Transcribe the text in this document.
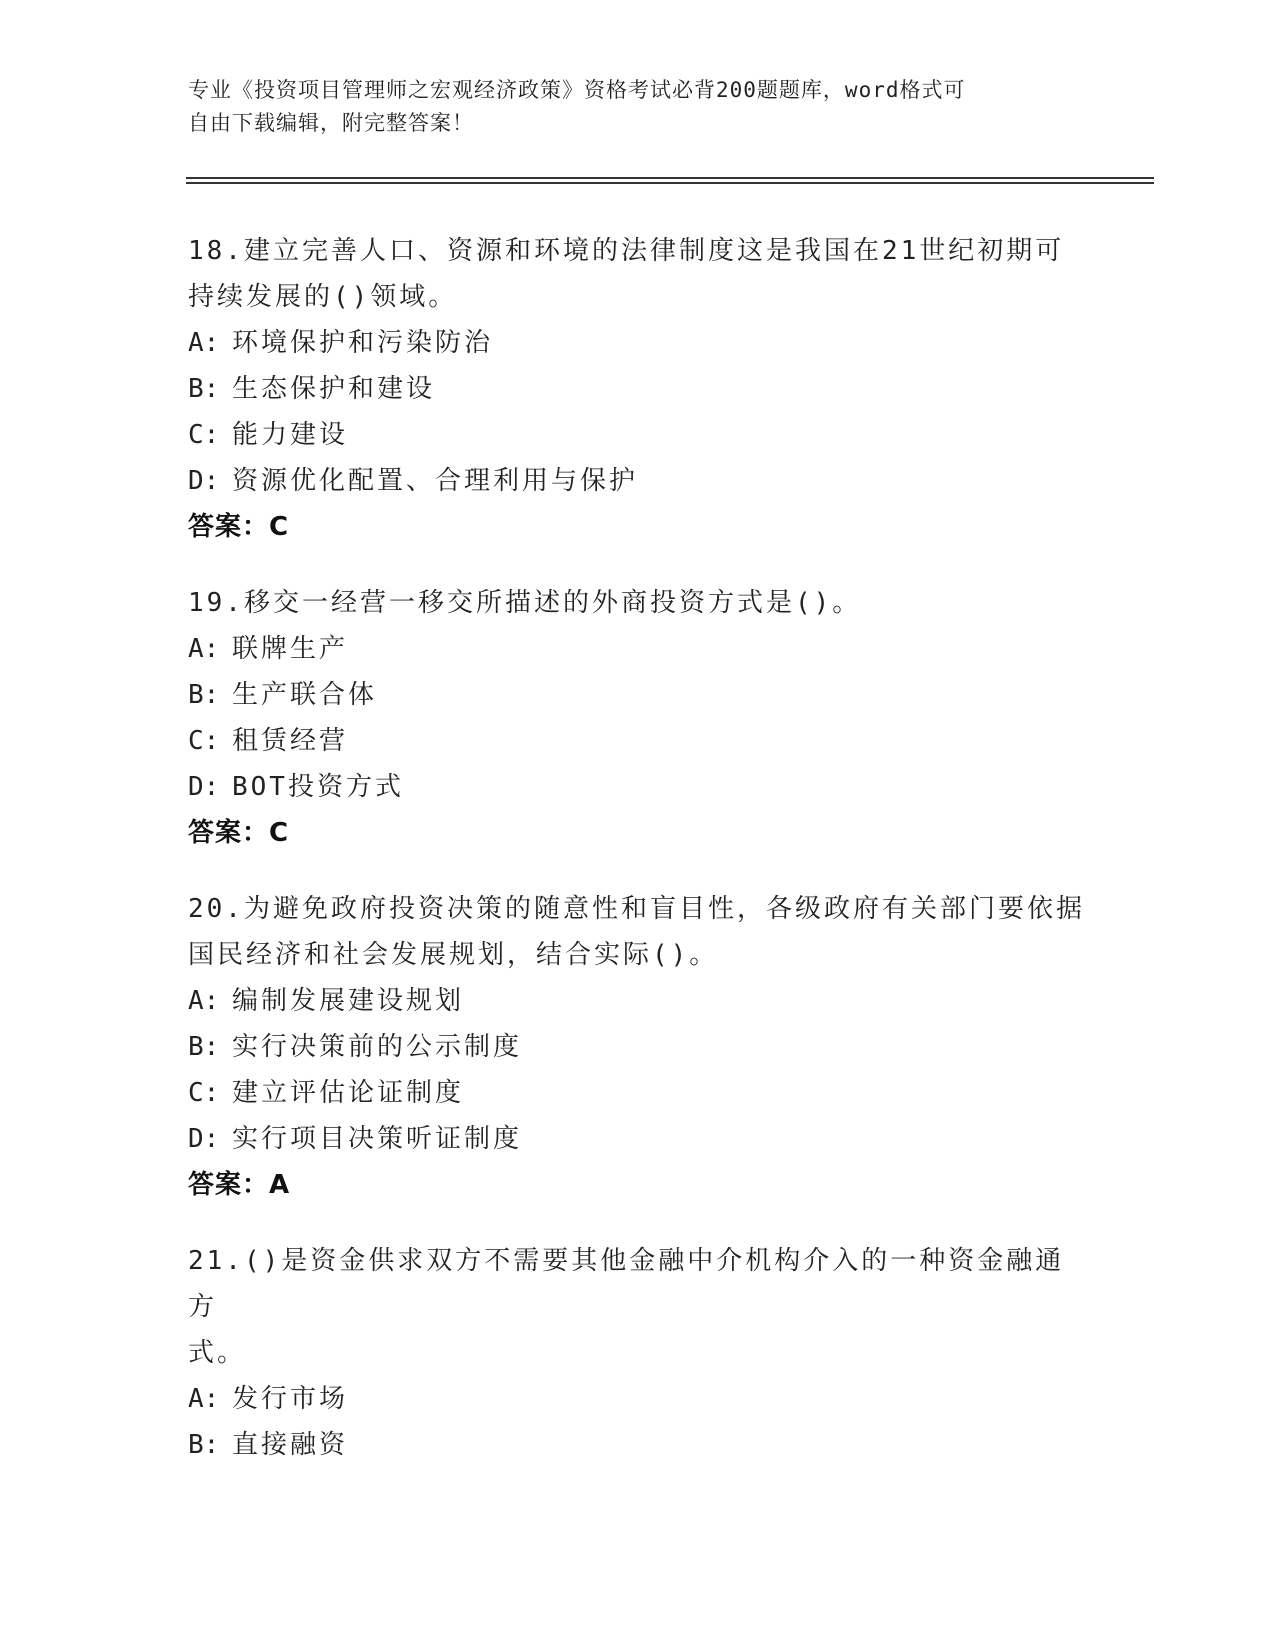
专业《投资项目管理师之宏观经济政策》资格考试必背200题题库，word格式可
自由下载编辑，附完整答案！
18.建立完善人口、资源和环境的法律制度这是我国在21世纪初期可
持续发展的()领域。
A: 环境保护和污染防治
B: 生态保护和建设
C: 能力建设
D: 资源优化配置、合理利用与保护
答案：C
19.移交一经营一移交所描述的外商投资方式是()。
A: 联牌生产
B: 生产联合体
C: 租赁经营
D: BOT投资方式
答案：C
20.为避免政府投资决策的随意性和盲目性，各级政府有关部门要依据
国民经济和社会发展规划，结合实际()。
A: 编制发展建设规划
B: 实行决策前的公示制度
C: 建立评估论证制度
D: 实行项目决策听证制度
答案：A
21.()是资金供求双方不需要其他金融中介机构介入的一种资金融通方
式。
A: 发行市场
B: 直接融资
